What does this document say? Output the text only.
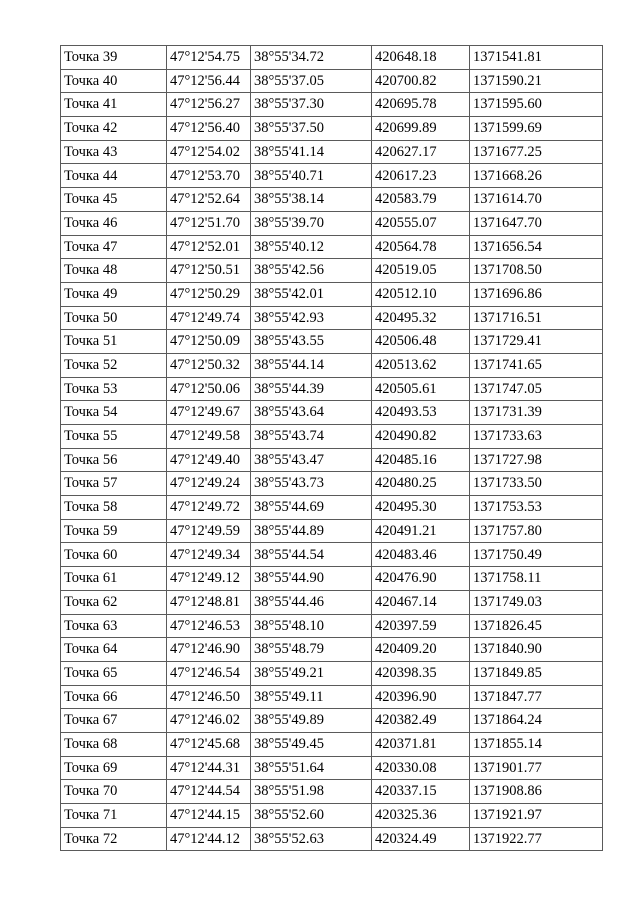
Точка 39	47°12'54.75	38°55'34.72	420648.18	1371541.81
Точка 40	47°12'56.44	38°55'37.05	420700.82	1371590.21
Точка 41	47°12'56.27	38°55'37.30	420695.78	1371595.60
Точка 42	47°12'56.40	38°55'37.50	420699.89	1371599.69
Точка 43	47°12'54.02	38°55'41.14	420627.17	1371677.25
Точка 44	47°12'53.70	38°55'40.71	420617.23	1371668.26
Точка 45	47°12'52.64	38°55'38.14	420583.79	1371614.70
Точка 46	47°12'51.70	38°55'39.70	420555.07	1371647.70
Точка 47	47°12'52.01	38°55'40.12	420564.78	1371656.54
Точка 48	47°12'50.51	38°55'42.56	420519.05	1371708.50
Точка 49	47°12'50.29	38°55'42.01	420512.10	1371696.86
Точка 50	47°12'49.74	38°55'42.93	420495.32	1371716.51
Точка 51	47°12'50.09	38°55'43.55	420506.48	1371729.41
Точка 52	47°12'50.32	38°55'44.14	420513.62	1371741.65
Точка 53	47°12'50.06	38°55'44.39	420505.61	1371747.05
Точка 54	47°12'49.67	38°55'43.64	420493.53	1371731.39
Точка 55	47°12'49.58	38°55'43.74	420490.82	1371733.63
Точка 56	47°12'49.40	38°55'43.47	420485.16	1371727.98
Точка 57	47°12'49.24	38°55'43.73	420480.25	1371733.50
Точка 58	47°12'49.72	38°55'44.69	420495.30	1371753.53
Точка 59	47°12'49.59	38°55'44.89	420491.21	1371757.80
Точка 60	47°12'49.34	38°55'44.54	420483.46	1371750.49
Точка 61	47°12'49.12	38°55'44.90	420476.90	1371758.11
Точка 62	47°12'48.81	38°55'44.46	420467.14	1371749.03
Точка 63	47°12'46.53	38°55'48.10	420397.59	1371826.45
Точка 64	47°12'46.90	38°55'48.79	420409.20	1371840.90
Точка 65	47°12'46.54	38°55'49.21	420398.35	1371849.85
Точка 66	47°12'46.50	38°55'49.11	420396.90	1371847.77
Точка 67	47°12'46.02	38°55'49.89	420382.49	1371864.24
Точка 68	47°12'45.68	38°55'49.45	420371.81	1371855.14
Точка 69	47°12'44.31	38°55'51.64	420330.08	1371901.77
Точка 70	47°12'44.54	38°55'51.98	420337.15	1371908.86
Точка 71	47°12'44.15	38°55'52.60	420325.36	1371921.97
Точка 72	47°12'44.12	38°55'52.63	420324.49	1371922.77
